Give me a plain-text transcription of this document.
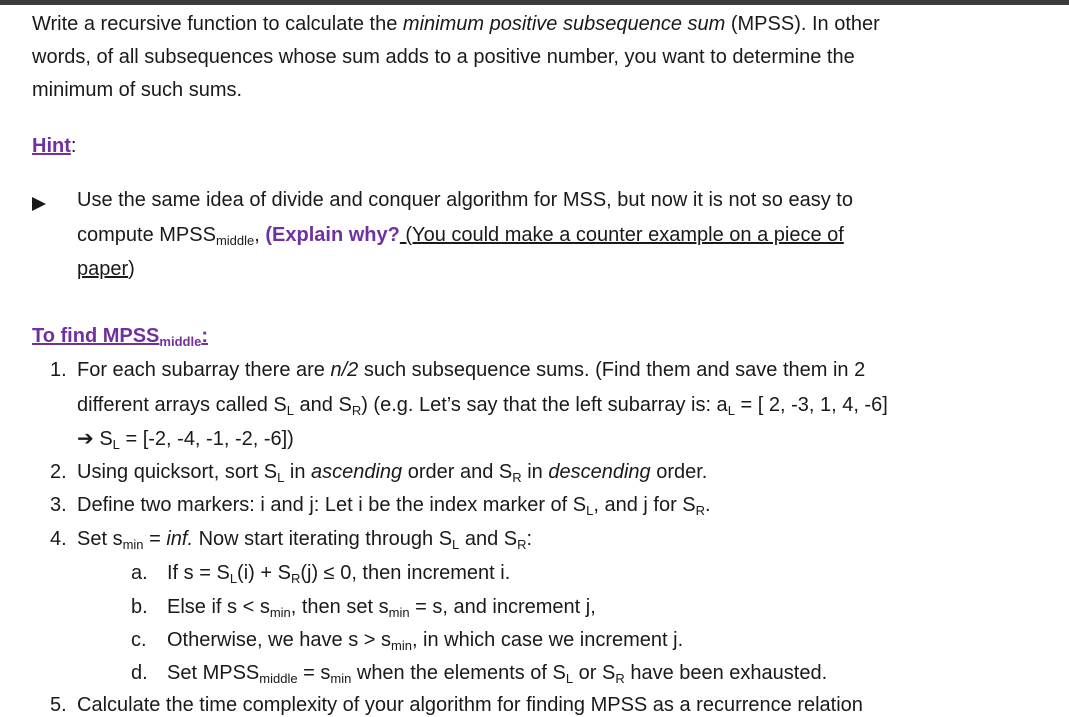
Write a recursive function to calculate the minimum positive subsequence sum (MPSS). In other
words, of all subsequences whose sum adds to a positive number, you want to determine the
minimum of such sums.
Hint:
Use the same idea of divide and conquer algorithm for MSS, but now it is not so easy to
compute $MPSS_{middle}$, (Explain why? (You could make a counter example on a piece of
paper)
To find $MPSS_{middle}$:
1. For each subarray there are n/2 such subsequence sums. (Find them and save them in 2
different arrays called $S_L$ and $S_R$) (e.g. Let’s say that the left subarray is: $a_L$ = [ 2, -3, 1, 4, -6]
➔ $S_L = [-2$, -4, -1, -2, -6])
2. Using quicksort, sort $S_L$ in ascending order and $S_R$ in descending order.
3. Define two markers: i and j: Let i be the index marker of $S_L$, and j for $S_R$.
4. Set $s_{min}$ = inf. Now start iterating through $S_L$ and $S_R$:
a. If $s = S_L(i) + S_R(j) \le 0$, then increment i.
b. Else if $s < s_{min}$, then set $s_{min} = s$, and increment j,
c. Otherwise, we have $s > s_{min}$, in which case we increment j.
d. Set $MPSS_{middle} = s_{min}$ when the elements of $S_L$ or $S_R$ have been exhausted.
5. Calculate the time complexity of your algorithm for finding MPSS as a recurrence relation
